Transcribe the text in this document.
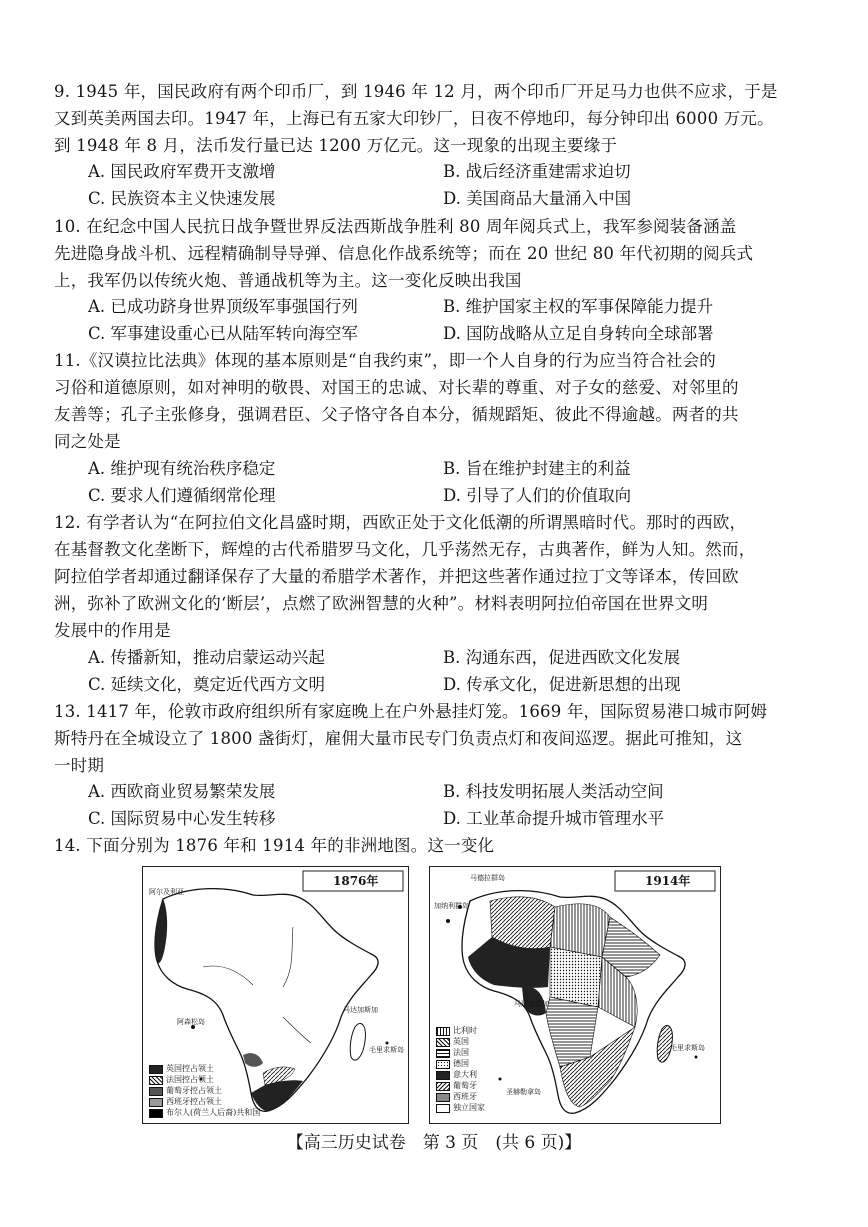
9. 1945 年，国民政府有两个印币厂，到 1946 年 12 月，两个印币厂开足马力也供不应求，于是
又到英美两国去印。1947 年，上海已有五家大印钞厂，日夜不停地印，每分钟印出 6000 万元。
到 1948 年 8 月，法币发行量已达 1200 万亿元。这一现象的出现主要缘于
A. 国民政府军费开支激增	B. 战后经济重建需求迫切
C. 民族资本主义快速发展	D. 美国商品大量涌入中国
10. 在纪念中国人民抗日战争暨世界反法西斯战争胜利 80 周年阅兵式上，我军参阅装备涵盖
先进隐身战斗机、远程精确制导导弹、信息化作战系统等；而在 20 世纪 80 年代初期的阅兵式
上，我军仍以传统火炮、普通战机等为主。这一变化反映出我国
A. 已成功跻身世界顶级军事强国行列	B. 维护国家主权的军事保障能力提升
C. 军事建设重心已从陆军转向海空军	D. 国防战略从立足自身转向全球部署
11.《汉谟拉比法典》体现的基本原则是“自我约束”，即一个人自身的行为应当符合社会的
习俗和道德原则，如对神明的敬畏、对国王的忠诚、对长辈的尊重、对子女的慈爱、对邻里的
友善等；孔子主张修身，强调君臣、父子恪守各自本分，循规蹈矩、彼此不得逾越。两者的共
同之处是
A. 维护现有统治秩序稳定	B. 旨在维护封建主的利益
C. 要求人们遵循纲常伦理	D. 引导了人们的价值取向
12. 有学者认为“在阿拉伯文化昌盛时期，西欧正处于文化低潮的所谓黑暗时代。那时的西欧，
在基督教文化垄断下，辉煌的古代希腊罗马文化，几乎荡然无存，古典著作，鲜为人知。然而，
阿拉伯学者却通过翻译保存了大量的希腊学术著作，并把这些著作通过拉丁文等译本，传回欧
洲，弥补了欧洲文化的‘断层’，点燃了欧洲智慧的火种”。材料表明阿拉伯帝国在世界文明
发展中的作用是
A. 传播新知，推动启蒙运动兴起	B. 沟通东西，促进西欧文化发展
C. 延续文化，奠定近代西方文明	D. 传承文化，促进新思想的出现
13. 1417 年，伦敦市政府组织所有家庭晚上在户外悬挂灯笼。1669 年，国际贸易港口城市阿姆
斯特丹在全城设立了 1800 盏街灯，雇佣大量市民专门负责点灯和夜间巡逻。据此可推知，这
一时期
A. 西欧商业贸易繁荣发展	B. 科技发明拓展人类活动空间
C. 国际贸易中心发生转移	D. 工业革命提升城市管理水平
14. 下面分别为 1876 年和 1914 年的非洲地图。这一变化
1876年
阿尔及利亚
阿森松岛
马达加斯加
毛里求斯岛
英国控占领土
法国控占领土
葡萄牙控占领土
西班牙控占领土
布尔人(荷兰人后裔)共和国
1914年
马德拉群岛
加纳利群岛
马达加斯加
毛里求斯岛
圣赫勒拿岛
比利时
英国
法国
德国
意大利
葡萄牙
西班牙
独立国家
【高三历史试卷　第 3 页　(共 6 页)】
